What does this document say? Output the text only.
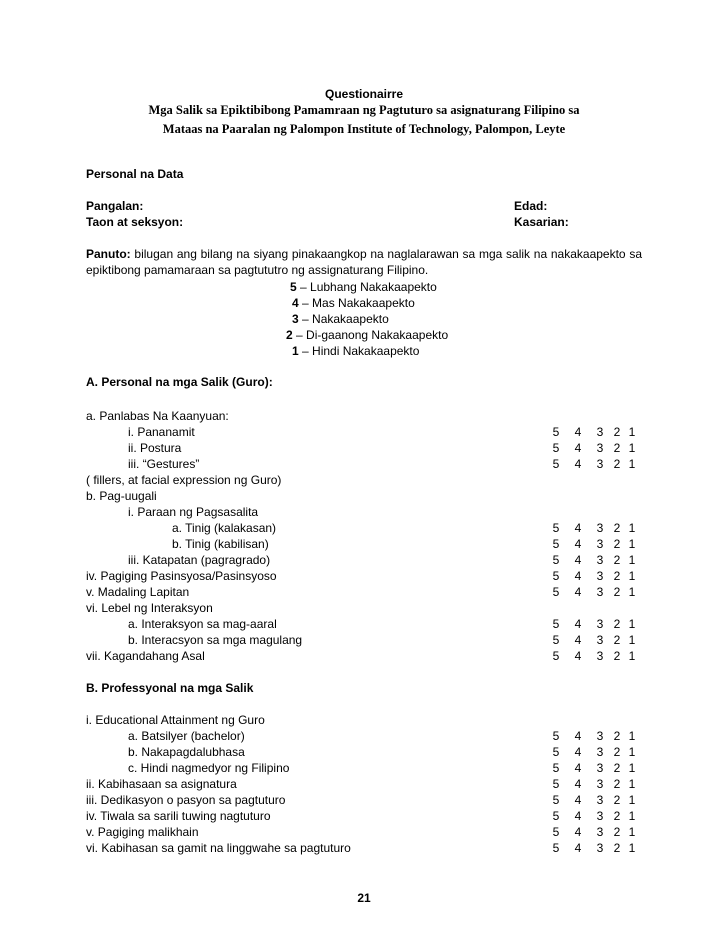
Questionairre
Mga Salik sa Epiktibibong Pamamraan ng Pagtuturo sa asignaturang Filipino sa
Mataas na Paaralan ng Palompon Institute of Technology, Palompon, Leyte
Personal na Data
Pangalan:	Edad:
Taon at seksyon:	Kasarian:
Panuto: bilugan ang bilang na siyang pinakaangkop na naglalarawan sa mga salik na nakakaapekto sa
epiktibong pamamaraan sa pagtututro ng assignaturang Filipino.
5 – Lubhang Nakakaapekto
4 – Mas Nakakaapekto
3 – Nakakaapekto
2 – Di-gaanong Nakakaapekto
1 – Hindi Nakakaapekto
A. Personal na mga Salik (Guro):
a. Panlabas Na Kaanyuan:
i. Pananamit	5 4 3 2 1
ii. Postura	5 4 3 2 1
iii. “Gestures”	5 4 3 2 1
( fillers, at facial expression ng Guro)
b. Pag-uugali
i. Paraan ng Pagsasalita
a. Tinig (kalakasan)	5 4 3 2 1
b. Tinig (kabilisan)	5 4 3 2 1
iii. Katapatan (pagragrado)	5 4 3 2 1
iv. Pagiging Pasinsyosa/Pasinsyoso	5 4 3 2 1
v. Madaling Lapitan	5 4 3 2 1
vi. Lebel ng Interaksyon
a. Interaksyon sa mag-aaral	5 4 3 2 1
b. Interacsyon sa mga magulang	5 4 3 2 1
vii. Kagandahang Asal	5 4 3 2 1
B. Professyonal na mga Salik
i. Educational Attainment ng Guro
a. Batsilyer (bachelor)	5 4 3 2 1
b. Nakapagdalubhasa	5 4 3 2 1
c. Hindi nagmedyor ng Filipino	5 4 3 2 1
ii. Kabihasaan sa asignatura	5 4 3 2 1
iii. Dedikasyon o pasyon sa pagtuturo	5 4 3 2 1
iv. Tiwala sa sarili tuwing nagtuturo	5 4 3 2 1
v. Pagiging malikhain	5 4 3 2 1
vi. Kabihasan sa gamit na linggwahe sa pagtuturo	5 4 3 2 1
21
